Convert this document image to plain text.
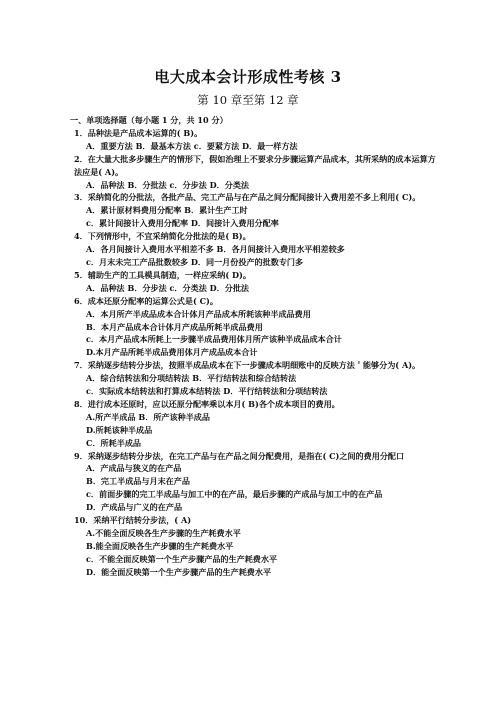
电大成本会计形成性考核 3
第 10 章至第 12 章
一、单项选择题（每小题 1 分，共 10 分）
1．品种法是产品成本运算的( B)。
A．重要方法 B．最基本方法 c．要紧方法 D．最一样方法
2．在大量大批多步骤生产的情形下，假如治理上不要求分步骤运算产品成本，其所采纳的成本运算方法应是( A)。
A．品种法 B．分批法 c．分步法 D．分类法
3．采纳简化的分批法，各批产品、完工产品与在产品之间分配间接计入费用差不多上利用( C)。
A．累计原材料费用分配率 B．累计生产工时
c．累计间接计入费用分配率 D．间接计入费用分配率
4．下列情形中，不宜采纳简化分批法的是( B)。
A．各月间接计入费用水平相差不多 B．各月间接计入费用水平相差较多
c．月末未完工产品批数较多 D．同一月份投产的批数专门多
5．辅助生产的工具模具制造，一样应采纳( D)。
A．品种法 B．分步法 c．分类法 D．分批法
6．成本还原分配率的运算公式是( C)。
A．本月所产半成品成本合计体月产品成本所耗该种半成品费用
B．本月产品成本合计体月产成品所耗半成品费用
c．本月产品成本所耗上一步骤半成品费用体月所产该种半成品成本合计
D.本月产品所耗半成品费用体月产成品成本合计
7．采纳逐步结转分步法，按照半成品成本在下一步骤成本明细账中的反映方法＇能够分为( A)。
A．综合结转法和分项结转法 B．平行结转法和综合结转法
c．实际成本结转法和打算成本结转法 D．平行结转法和分项结转法
8．进行成本还原时，应以还原分配率乘以本月( B)各个成本项目的费用。
A.所产半成品 B．所产该种半成品
D.所耗该种半成品
C．所耗半成品
9．采纳逐步结转分步法，在完工产品与在产品之间分配费用，是指在( C)之间的费用分配口
A．产成品与狭义的在产品
B．完工半成品与月末在产品
c．前面步骤的完工半成品与加工中的在产品，最后步骤的产成品与加工中的在产品
D．产成品与广义的在产品
10．采纳平行结转分步法，( A)
A.不能全面反映各生产步骤的生产耗费水平
B.能全面反映各生产步骤的生产耗费水平
c．不能全面反映第一个生产步骤产品的生产耗费水平
D．能全面反映第一个生产步骤产品的生产耗费水平
